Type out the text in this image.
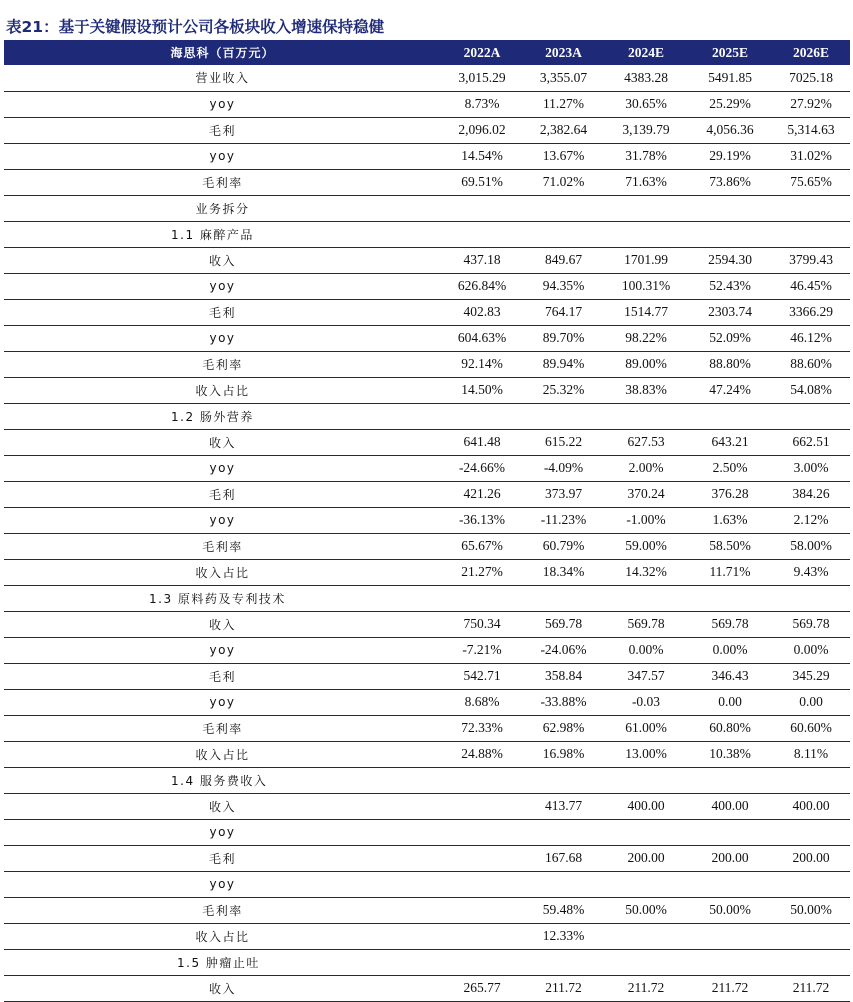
表21：基于关键假设预计公司各板块收入增速保持稳健
海思科（百万元）	2022A	2023A	2024E	2025E	2026E
营业收入	3,015.29	3,355.07	4383.28	5491.85	7025.18
yoy	8.73%	11.27%	30.65%	25.29%	27.92%
毛利	2,096.02	2,382.64	3,139.79	4,056.36	5,314.63
yoy	14.54%	13.67%	31.78%	29.19%	31.02%
毛利率	69.51%	71.02%	71.63%	73.86%	75.65%
业务拆分					
1.1 麻醉产品					
收入	437.18	849.67	1701.99	2594.30	3799.43
yoy	626.84%	94.35%	100.31%	52.43%	46.45%
毛利	402.83	764.17	1514.77	2303.74	3366.29
yoy	604.63%	89.70%	98.22%	52.09%	46.12%
毛利率	92.14%	89.94%	89.00%	88.80%	88.60%
收入占比	14.50%	25.32%	38.83%	47.24%	54.08%
1.2 肠外营养					
收入	641.48	615.22	627.53	643.21	662.51
yoy	-24.66%	-4.09%	2.00%	2.50%	3.00%
毛利	421.26	373.97	370.24	376.28	384.26
yoy	-36.13%	-11.23%	-1.00%	1.63%	2.12%
毛利率	65.67%	60.79%	59.00%	58.50%	58.00%
收入占比	21.27%	18.34%	14.32%	11.71%	9.43%
1.3 原料药及专利技术					
收入	750.34	569.78	569.78	569.78	569.78
yoy	-7.21%	-24.06%	0.00%	0.00%	0.00%
毛利	542.71	358.84	347.57	346.43	345.29
yoy	8.68%	-33.88%	-0.03	0.00	0.00
毛利率	72.33%	62.98%	61.00%	60.80%	60.60%
收入占比	24.88%	16.98%	13.00%	10.38%	8.11%
1.4 服务费收入					
收入		413.77	400.00	400.00	400.00
yoy					
毛利		167.68	200.00	200.00	200.00
yoy					
毛利率		59.48%	50.00%	50.00%	50.00%
收入占比		12.33%			
1.5 肿瘤止吐					
收入	265.77	211.72	211.72	211.72	211.72
